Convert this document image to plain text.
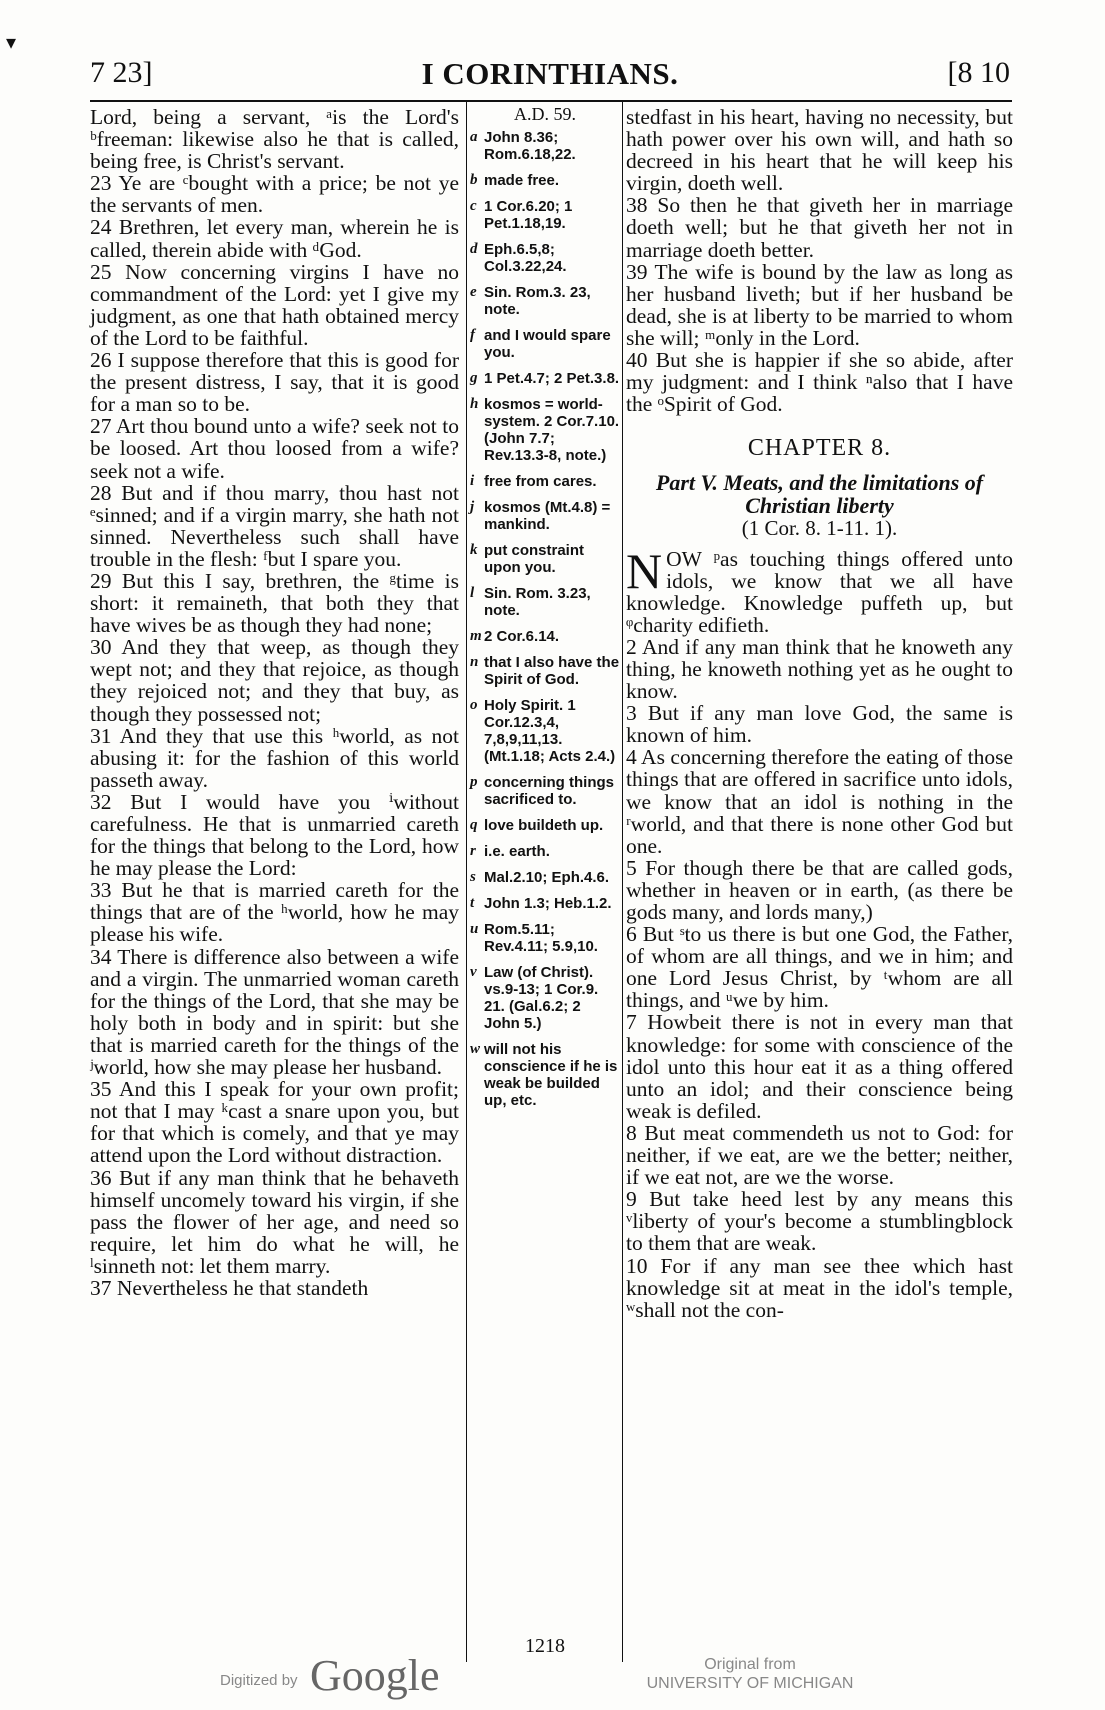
▾
I CORINTHIANS.
7 23]	[8 10

Lord, being a servant, ᵃis the Lord's ᵇfreeman: likewise also he that is called, being free, is Christ's servant.

23 Ye are ᶜbought with a price; be not ye the servants of men.

24 Brethren, let every man, wherein he is called, therein abide with ᵈGod.

25 Now concerning virgins I have no commandment of the Lord: yet I give my judgment, as one that hath obtained mercy of the Lord to be faithful.

26 I suppose therefore that this is good for the present distress, I say, that it is good for a man so to be.

27 Art thou bound unto a wife? seek not to be loosed. Art thou loosed from a wife? seek not a wife.

28 But and if thou marry, thou hast not ᵉsinned; and if a virgin marry, she hath not sinned. Nevertheless such shall have trouble in the flesh: ᶠbut I spare you.

29 But this I say, brethren, the ᵍtime is short: it remaineth, that both they that have wives be as though they had none;

30 And they that weep, as though they wept not; and they that rejoice, as though they rejoiced not; and they that buy, as though they possessed not;

31 And they that use this ʰworld, as not abusing it: for the fashion of this world passeth away.

32 But I would have you ⁱwithout carefulness. He that is unmarried careth for the things that belong to the Lord, how he may please the Lord:

33 But he that is married careth for the things that are of the ʰworld, how he may please his wife.

34 There is difference also between a wife and a virgin. The unmarried woman careth for the things of the Lord, that she may be holy both in body and in spirit: but she that is married careth for the things of the ʲworld, how she may please her husband.

35 And this I speak for your own profit; not that I may ᵏcast a snare upon you, but for that which is comely, and that ye may attend upon the Lord without distraction.

36 But if any man think that he behaveth himself uncomely toward his virgin, if she pass the flower of her age, and need so require, let him do what he will, he ˡsinneth not: let them marry.

37 Nevertheless he that standeth

A.D. 59.
a John 8.36; Rom.6.18,22.
b made free.
c 1 Cor.6.20; 1 Pet.1.18,19.
d Eph.6.5,8; Col.3.22,24.
e Sin. Rom.3. 23, note.
f and I would spare you.
g 1 Pet.4.7; 2 Pet.3.8.
h kosmos = world-system. 2 Cor.7.10. (John 7.7; Rev.13.3-8, note.)
i free from cares.
j kosmos (Mt.4.8) = mankind.
k put constraint upon you.
l Sin. Rom. 3.23, note.
m 2 Cor.6.14.
n that I also have the Spirit of God.
o Holy Spirit. 1 Cor.12.3,4, 7,8,9,11,13. (Mt.1.18; Acts 2.4.)
p concerning things sacrificed to.
q love buildeth up.
r i.e. earth.
s Mal.2.10; Eph.4.6.
t John 1.3; Heb.1.2.
u Rom.5.11; Rev.4.11; 5.9,10.
v Law (of Christ). vs.9-13; 1 Cor.9. 21. (Gal.6.2; 2 John 5.)
w will not his conscience if he is weak be builded up, etc.

stedfast in his heart, having no necessity, but hath power over his own will, and hath so decreed in his heart that he will keep his virgin, doeth well.

38 So then he that giveth her in marriage doeth well; but he that giveth her not in marriage doeth better.

39 The wife is bound by the law as long as her husband liveth; but if her husband be dead, she is at liberty to be married to whom she will; ᵐonly in the Lord.

40 But she is happier if she so abide, after my judgment: and I think ⁿalso that I have the ᵒSpirit of God.

CHAPTER 8.
Part V. Meats, and the limitations of Christian liberty
(1 Cor. 8. 1-11. 1).

NOW ᵖas touching things offered unto idols, we know that we all have knowledge. Knowledge puffeth up, but ᵠcharity edifieth.

2 And if any man think that he knoweth any thing, he knoweth nothing yet as he ought to know.

3 But if any man love God, the same is known of him.

4 As concerning therefore the eating of those things that are offered in sacrifice unto idols, we know that an idol is nothing in the ʳworld, and that there is none other God but one.

5 For though there be that are called gods, whether in heaven or in earth, (as there be gods many, and lords many,)

6 But ˢto us there is but one God, the Father, of whom are all things, and we in him; and one Lord Jesus Christ, by ᵗwhom are all things, and ᵘwe by him.

7 Howbeit there is not in every man that knowledge: for some with conscience of the idol unto this hour eat it as a thing offered unto an idol; and their conscience being weak is defiled.

8 But meat commendeth us not to God: for neither, if we eat, are we the better; neither, if we eat not, are we the worse.

9 But take heed lest by any means this ᵛliberty of your's become a stumblingblock to them that are weak.

10 For if any man see thee which hast knowledge sit at meat in the idol's temple, ʷshall not the con-

1218
Digitized by Google	Original from
UNIVERSITY OF MICHIGAN
